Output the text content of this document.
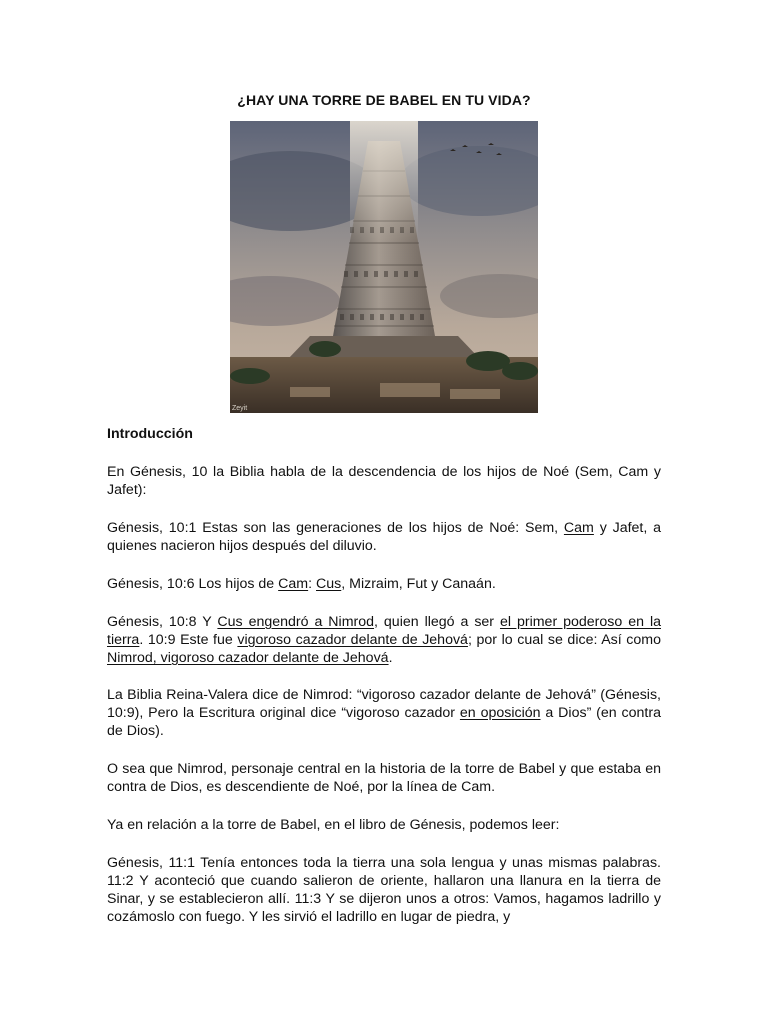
¿HAY UNA TORRE DE BABEL EN TU VIDA?
Zeyit

Introducción

En Génesis, 10 la Biblia habla de la descendencia de los hijos de Noé (Sem, Cam y Jafet):

Génesis, 10:1 Estas son las generaciones de los hijos de Noé: Sem, Cam y Jafet, a quienes nacieron hijos después del diluvio.

Génesis, 10:6 Los hijos de Cam: Cus, Mizraim, Fut y Canaán.

Génesis, 10:8 Y Cus engendró a Nimrod, quien llegó a ser el primer poderoso en la tierra. 10:9 Este fue vigoroso cazador delante de Jehová; por lo cual se dice: Así como Nimrod, vigoroso cazador delante de Jehová.

La Biblia Reina-Valera dice de Nimrod: “vigoroso cazador delante de Jehová” (Génesis, 10:9), Pero la Escritura original dice “vigoroso cazador en oposición a Dios” (en contra de Dios).

O sea que Nimrod, personaje central en la historia de la torre de Babel y que estaba en contra de Dios, es descendiente de Noé, por la línea de Cam.

Ya en relación a la torre de Babel, en el libro de Génesis, podemos leer:

Génesis, 11:1 Tenía entonces toda la tierra una sola lengua y unas mismas palabras. 11:2 Y aconteció que cuando salieron de oriente, hallaron una llanura en la tierra de Sinar, y se establecieron allí. 11:3 Y se dijeron unos a otros: Vamos, hagamos ladrillo y cozámoslo con fuego. Y les sirvió el ladrillo en lugar de piedra, y
